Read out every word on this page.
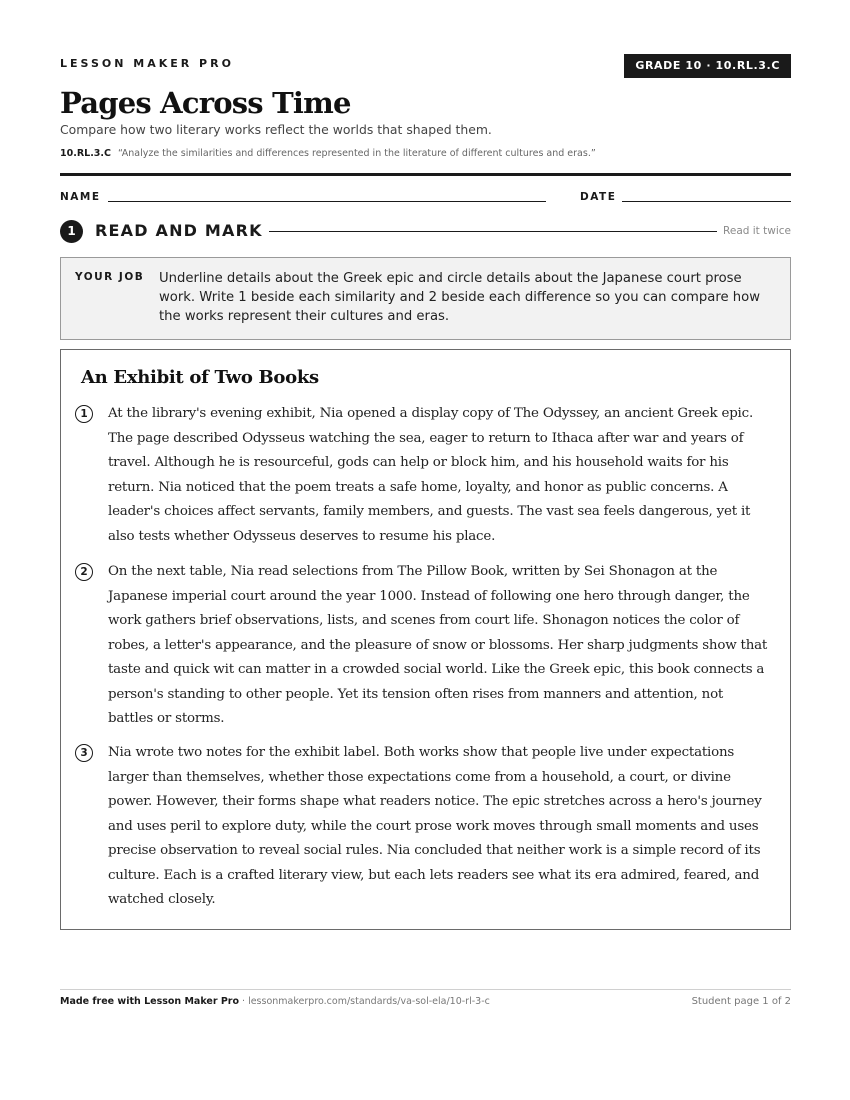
LESSON MAKER PRO	GRADE 10 · 10.RL.3.C
Pages Across Time
Compare how two literary works reflect the worlds that shaped them.
10.RL.3.C “Analyze the similarities and differences represented in the literature of different cultures and eras.”
NAME	DATE
1	READ AND MARK	Read it twice
YOUR JOB Underline details about the Greek epic and circle details about the Japanese court prose work. Write 1 beside each similarity and 2 beside each difference so you can compare how the works represent their cultures and eras.
An Exhibit of Two Books
1	At the library's evening exhibit, Nia opened a display copy of The Odyssey, an ancient Greek epic. The page described Odysseus watching the sea, eager to return to Ithaca after war and years of travel. Although he is resourceful, gods can help or block him, and his household waits for his return. Nia noticed that the poem treats a safe home, loyalty, and honor as public concerns. A leader's choices affect servants, family members, and guests. The vast sea feels dangerous, yet it also tests whether Odysseus deserves to resume his place.

2	On the next table, Nia read selections from The Pillow Book, written by Sei Shonagon at the Japanese imperial court around the year 1000. Instead of following one hero through danger, the work gathers brief observations, lists, and scenes from court life. Shonagon notices the color of robes, a letter's appearance, and the pleasure of snow or blossoms. Her sharp judgments show that taste and quick wit can matter in a crowded social world. Like the Greek epic, this book connects a person's standing to other people. Yet its tension often rises from manners and attention, not battles or storms.

3	Nia wrote two notes for the exhibit label. Both works show that people live under expectations larger than themselves, whether those expectations come from a household, a court, or divine power. However, their forms shape what readers notice. The epic stretches across a hero's journey and uses peril to explore duty, while the court prose work moves through small moments and uses precise observation to reveal social rules. Nia concluded that neither work is a simple record of its culture. Each is a crafted literary view, but each lets readers see what its era admired, feared, and watched closely.

Made free with Lesson Maker Pro · lessonmakerpro.com/standards/va-sol-ela/10-rl-3-c	Student page 1 of 2
